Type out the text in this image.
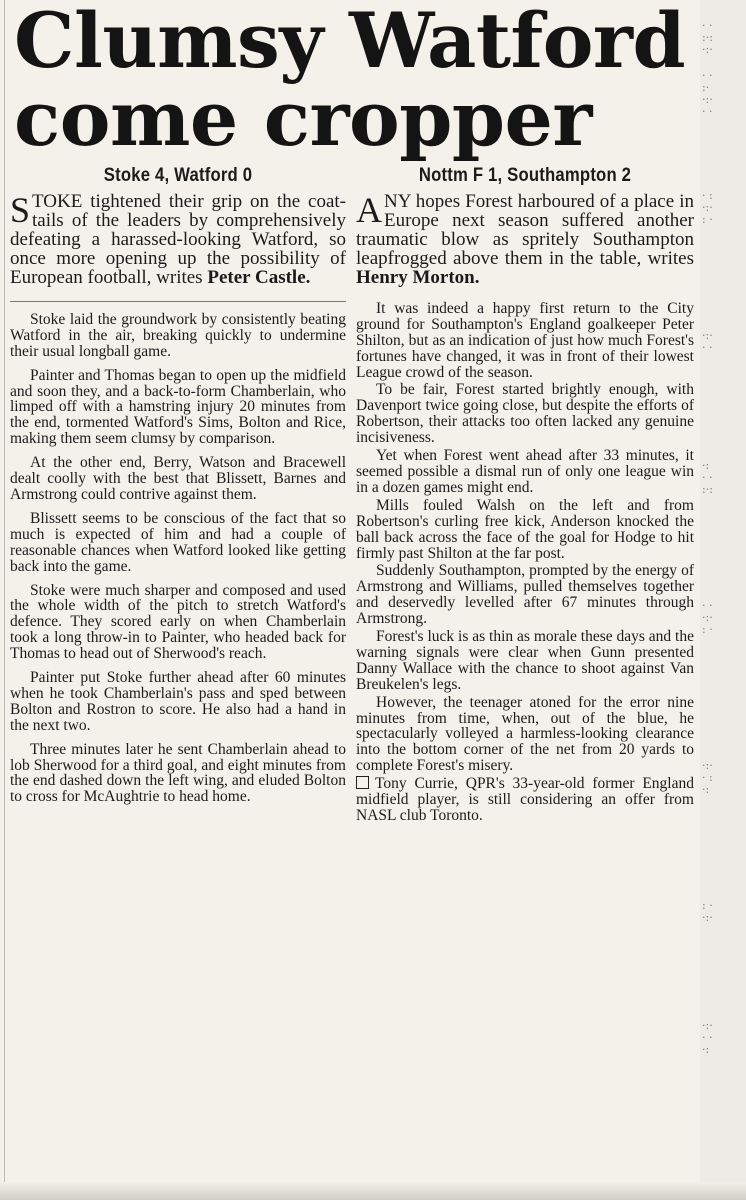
Clumsy Watford
come cropper
Stoke 4, Watford 0

STOKE tightened their grip on the coat-tails of the leaders by comprehensively defeating a harassed-looking Watford, so once more opening up the possibility of European football, writes Peter Castle.

Stoke laid the groundwork by consistently beating Watford in the air, breaking quickly to undermine their usual longball game.

Painter and Thomas began to open up the midfield and soon they, and a back-to-form Chamberlain, who limped off with a hamstring injury 20 minutes from the end, tormented Watford's Sims, Bolton and Rice, making them seem clumsy by comparison.

At the other end, Berry, Watson and Bracewell dealt coolly with the best that Blissett, Barnes and Armstrong could contrive against them.

Blissett seems to be conscious of the fact that so much is expected of him and had a couple of reasonable chances when Watford looked like getting back into the game.

Stoke were much sharper and composed and used the whole width of the pitch to stretch Watford's defence. They scored early on when Chamberlain took a long throw-in to Painter, who headed back for Thomas to head out of Sherwood's reach.

Painter put Stoke further ahead after 60 minutes when he took Chamberlain's pass and sped between Bolton and Rostron to score. He also had a hand in the next two.

Three minutes later he sent Chamberlain ahead to lob Sherwood for a third goal, and eight minutes from the end dashed down the left wing, and eluded Bolton to cross for McAughtrie to head home.

Nottm F 1, Southampton 2

ANY hopes Forest harboured of a place in Europe next season suffered another traumatic blow as spritely Southampton leapfrogged above them in the table, writes Henry Morton.

It was indeed a happy first return to the City ground for Southampton's England goalkeeper Peter Shilton, but as an indication of just how much Forest's fortunes have changed, it was in front of their lowest League crowd of the season.

To be fair, Forest started brightly enough, with Davenport twice going close, but despite the efforts of Robertson, their attacks too often lacked any genuine incisiveness.

Yet when Forest went ahead after 33 minutes, it seemed possible a dismal run of only one league win in a dozen games might end.

Mills fouled Walsh on the left and from Robertson's curling free kick, Anderson knocked the ball back across the face of the goal for Hodge to hit firmly past Shilton at the far post.

Suddenly Southampton, prompted by the energy of Armstrong and Williams, pulled themselves together and deservedly levelled after 67 minutes through Armstrong.

Forest's luck is as thin as morale these days and the warning signals were clear when Gunn presented Danny Wallace with the chance to shoot against Van Breukelen's legs.

However, the teenager atoned for the error nine minutes from time, when, out of the blue, he spectacularly volleyed a harmless-looking clearance into the bottom corner of the net from 20 yards to complete Forest's misery.

Tony Currie, QPR's 33-year-old former England midfield player, is still considering an offer from NASL club Toronto.

· ·
:·:
·:·
· ·
:·
·:·
· ·
· :
·:·
: ·
·:·
· ·
·:
· ·
:·:
· ·
·:·
: ·
·:·
· :
·:
: ·
·:·
·:·
· ·
·:
